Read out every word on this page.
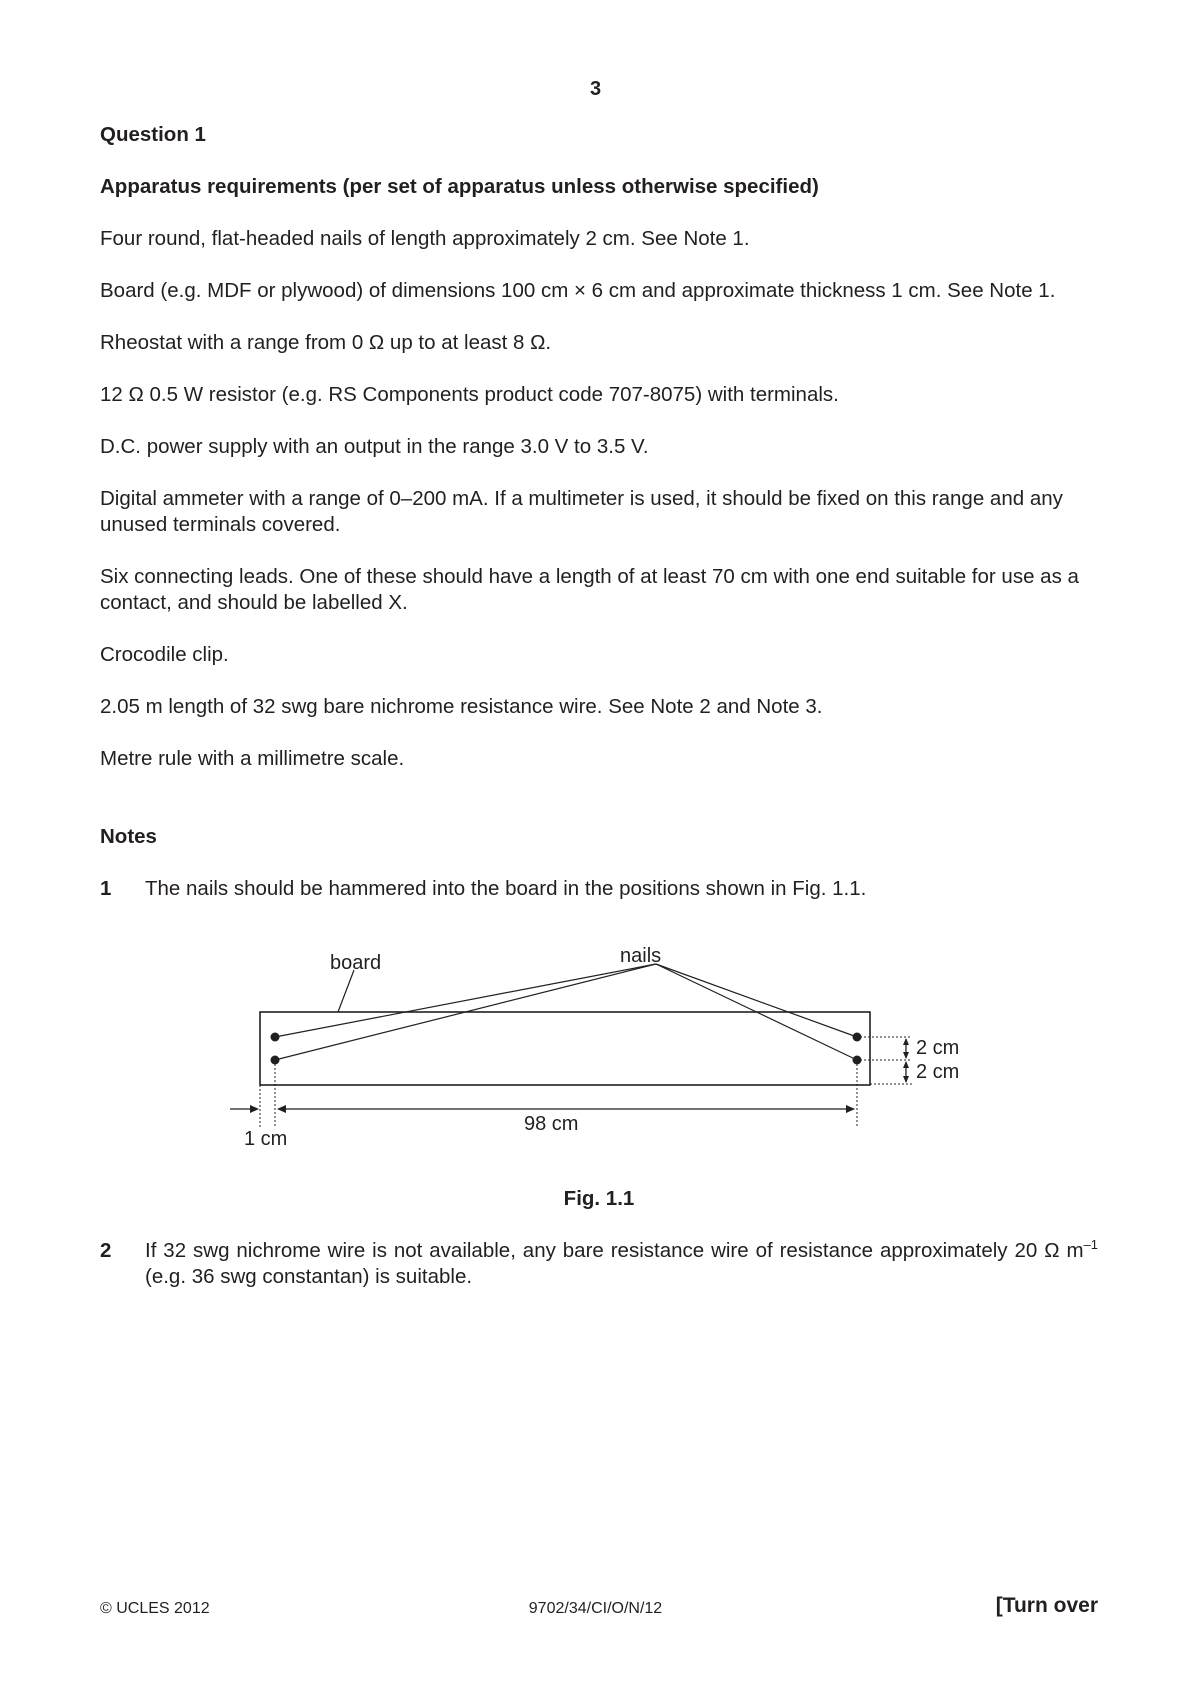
3
Question 1
Apparatus requirements (per set of apparatus unless otherwise specified)
Four round, flat-headed nails of length approximately 2 cm. See Note 1.
Board (e.g. MDF or plywood) of dimensions 100 cm × 6 cm and approximate thickness 1 cm. See Note 1.
Rheostat with a range from 0 Ω up to at least 8 Ω.
12 Ω 0.5 W resistor (e.g. RS Components product code 707-8075) with terminals.
D.C. power supply with an output in the range 3.0 V to 3.5 V.
Digital ammeter with a range of 0–200 mA. If a multimeter is used, it should be fixed on this range and any unused terminals covered.
Six connecting leads. One of these should have a length of at least 70 cm with one end suitable for use as a contact, and should be labelled X.
Crocodile clip.
2.05 m length of 32 swg bare nichrome resistance wire. See Note 2 and Note 3.
Metre rule with a millimetre scale.
Notes
1	The nails should be hammered into the board in the positions shown in Fig. 1.1.
board	nails
2 cm
2 cm
98 cm
1 cm
Fig. 1.1
2	If 32 swg nichrome wire is not available, any bare resistance wire of resistance approximately 20 Ω $m^{-1}$ (e.g. 36 swg constantan) is suitable.
© UCLES 2012	9702/34/CI/O/N/12	[Turn over
